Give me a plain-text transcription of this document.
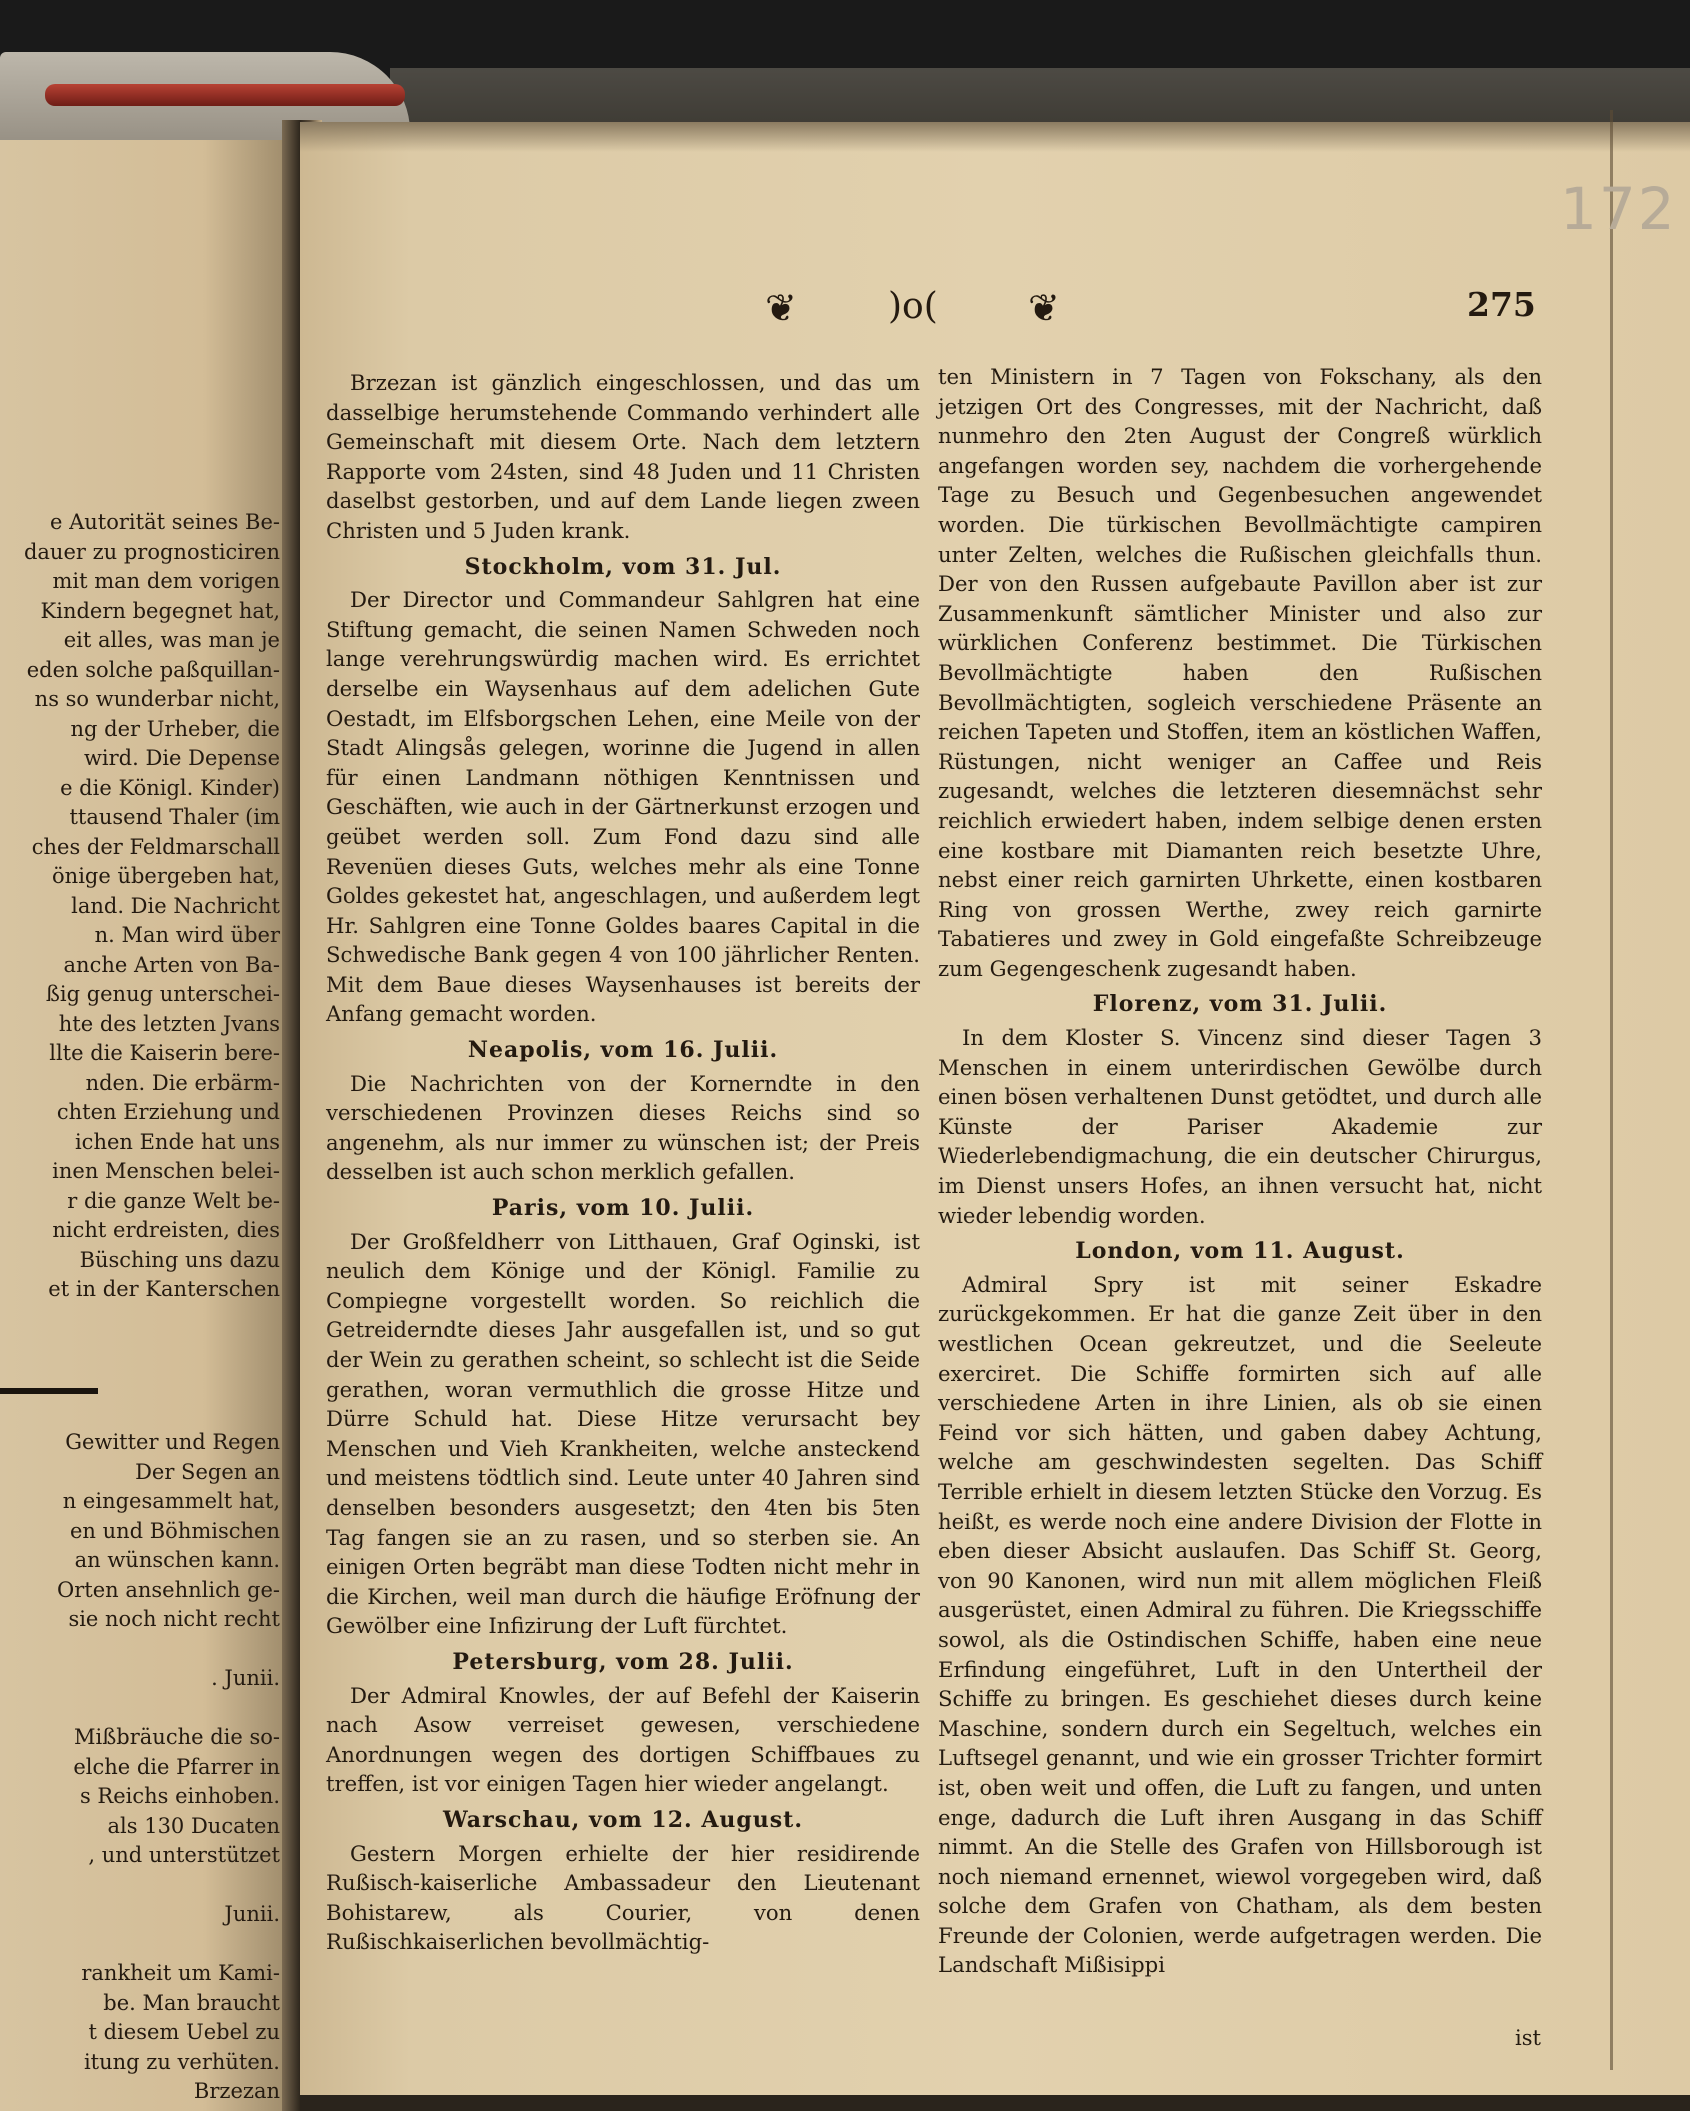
e Autorität seines Be-
dauer zu prognosticiren
mit man dem vorigen
Kindern begegnet hat,
eit alles, was man je
eden solche paßquillan-
ns so wunderbar nicht,
ng der Urheber, die
wird. Die Depense
e die Königl. Kinder)
ttausend Thaler (im
ches der Feldmarschall
önige übergeben hat,
land. Die Nachricht
n. Man wird über
anche Arten von Ba-
ßig genug unterschei-
hte des letzten Jvans
llte die Kaiserin bere-
nden. Die erbärm-
chten Erziehung und
ichen Ende hat uns
inen Menschen belei-
r die ganze Welt be-
nicht erdreisten, dies
Büsching uns dazu
et in der Kanterschen
Gewitter und Regen
Der Segen an
n eingesammelt hat,
en und Böhmischen
an wünschen kann.
Orten ansehnlich ge-
sie noch nicht recht

. Junii.

Mißbräuche die so-
elche die Pfarrer in
s Reichs einhoben.
als 130 Ducaten
, und unterstützet

Junii.

rankheit um Kami-
be. Man braucht
t diesem Uebel zu
itung zu verhüten.
Brzezan
172
❦	)o( ❦	275

Brzezan ist gänzlich eingeschlossen, und das um dasselbige herumstehende Commando verhindert alle Gemeinschaft mit diesem Orte. Nach dem letztern Rapporte vom 24sten, sind 48 Juden und 11 Christen daselbst gestorben, und auf dem Lande liegen zween Christen und 5 Juden krank.

Stockholm, vom 31. Jul.

Der Director und Commandeur Sahlgren hat eine Stiftung gemacht, die seinen Namen Schweden noch lange verehrungswürdig machen wird. Es errichtet derselbe ein Waysenhaus auf dem adelichen Gute Oestadt, im Elfsborgschen Lehen, eine Meile von der Stadt Alingsås gelegen, worinne die Jugend in allen für einen Landmann nöthigen Kenntnissen und Geschäften, wie auch in der Gärtnerkunst erzogen und geübet werden soll. Zum Fond dazu sind alle Revenüen dieses Guts, welches mehr als eine Tonne Goldes gekestet hat, angeschlagen, und außerdem legt Hr. Sahlgren eine Tonne Goldes baares Capital in die Schwedische Bank gegen 4 von 100 jährlicher Renten. Mit dem Baue dieses Waysenhauses ist bereits der Anfang gemacht worden.

Neapolis, vom 16. Julii.

Die Nachrichten von der Kornerndte in den verschiedenen Provinzen dieses Reichs sind so angenehm, als nur immer zu wünschen ist; der Preis desselben ist auch schon merklich gefallen.

Paris, vom 10. Julii.

Der Großfeldherr von Litthauen, Graf Oginski, ist neulich dem Könige und der Königl. Familie zu Compiegne vorgestellt worden. So reichlich die Getreiderndte dieses Jahr ausgefallen ist, und so gut der Wein zu gerathen scheint, so schlecht ist die Seide gerathen, woran vermuthlich die grosse Hitze und Dürre Schuld hat. Diese Hitze verursacht bey Menschen und Vieh Krankheiten, welche ansteckend und meistens tödtlich sind. Leute unter 40 Jahren sind denselben besonders ausgesetzt; den 4ten bis 5ten Tag fangen sie an zu rasen, und so sterben sie. An einigen Orten begräbt man diese Todten nicht mehr in die Kirchen, weil man durch die häufige Eröfnung der Gewölber eine Infizirung der Luft fürchtet.

Petersburg, vom 28. Julii.

Der Admiral Knowles, der auf Befehl der Kaiserin nach Asow verreiset gewesen, verschiedene Anordnungen wegen des dortigen Schiffbaues zu treffen, ist vor einigen Tagen hier wieder angelangt.

Warschau, vom 12. August.

Gestern Morgen erhielte der hier residirende Rußisch-kaiserliche Ambassadeur den Lieutenant Bohistarew, als Courier, von denen Rußischkaiserlichen bevollmächtig-

ten Ministern in 7 Tagen von Fokschany, als den jetzigen Ort des Congresses, mit der Nachricht, daß nunmehro den 2ten August der Congreß würklich angefangen worden sey, nachdem die vorhergehende Tage zu Besuch und Gegenbesuchen angewendet worden. Die türkischen Bevollmächtigte campiren unter Zelten, welches die Rußischen gleichfalls thun. Der von den Russen aufgebaute Pavillon aber ist zur Zusammenkunft sämtlicher Minister und also zur würklichen Conferenz bestimmet. Die Türkischen Bevollmächtigte haben den Rußischen Bevollmächtigten, sogleich verschiedene Präsente an reichen Tapeten und Stoffen, item an köstlichen Waffen, Rüstungen, nicht weniger an Caffee und Reis zugesandt, welches die letzteren diesemnächst sehr reichlich erwiedert haben, indem selbige denen ersten eine kostbare mit Diamanten reich besetzte Uhre, nebst einer reich garnirten Uhrkette, einen kostbaren Ring von grossen Werthe, zwey reich garnirte Tabatieres und zwey in Gold eingefaßte Schreibzeuge zum Gegengeschenk zugesandt haben.

Florenz, vom 31. Julii.

In dem Kloster S. Vincenz sind dieser Tagen 3 Menschen in einem unterirdischen Gewölbe durch einen bösen verhaltenen Dunst getödtet, und durch alle Künste der Pariser Akademie zur Wiederlebendigmachung, die ein deutscher Chirurgus, im Dienst unsers Hofes, an ihnen versucht hat, nicht wieder lebendig worden.

London, vom 11. August.

Admiral Spry ist mit seiner Eskadre zurückgekommen. Er hat die ganze Zeit über in den westlichen Ocean gekreutzet, und die Seeleute exerciret. Die Schiffe formirten sich auf alle verschiedene Arten in ihre Linien, als ob sie einen Feind vor sich hätten, und gaben dabey Achtung, welche am geschwindesten segelten. Das Schiff Terrible erhielt in diesem letzten Stücke den Vorzug. Es heißt, es werde noch eine andere Division der Flotte in eben dieser Absicht auslaufen. Das Schiff St. Georg, von 90 Kanonen, wird nun mit allem möglichen Fleiß ausgerüstet, einen Admiral zu führen. Die Kriegsschiffe sowol, als die Ostindischen Schiffe, haben eine neue Erfindung eingeführet, Luft in den Untertheil der Schiffe zu bringen. Es geschiehet dieses durch keine Maschine, sondern durch ein Segeltuch, welches ein Luftsegel genannt, und wie ein grosser Trichter formirt ist, oben weit und offen, die Luft zu fangen, und unten enge, dadurch die Luft ihren Ausgang in das Schiff nimmt. An die Stelle des Grafen von Hillsborough ist noch niemand ernennet, wiewol vorgegeben wird, daß solche dem Grafen von Chatham, als dem besten Freunde der Colonien, werde aufgetragen werden. Die Landschaft Mißisippi

ist
